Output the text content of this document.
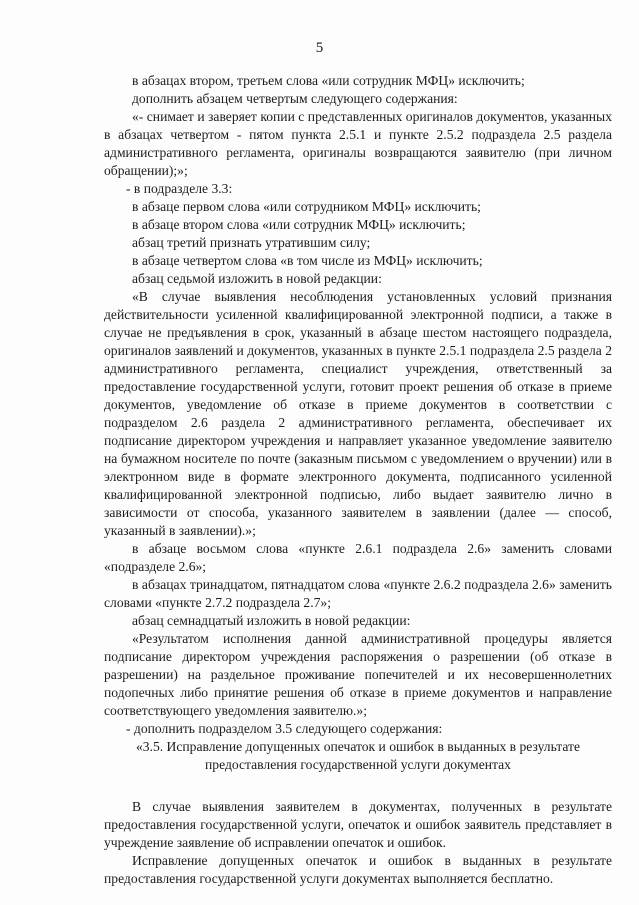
5

в абзацах втором, третьем слова «или сотрудник МФЦ» исключить;

дополнить абзацем четвертым следующего содержания:

«- снимает и заверяет копии с представленных оригиналов документов, указанных в абзацах четвертом - пятом пункта 2.5.1 и пункте 2.5.2 подраздела 2.5 раздела административного регламента, оригиналы возвращаются заявителю (при личном обращении);»;

- в подразделе 3.3:

в абзаце первом слова «или сотрудником МФЦ» исключить;

в абзаце втором слова «или сотрудник МФЦ» исключить;

абзац третий признать утратившим силу;

в абзаце четвертом слова «в том числе из МФЦ» исключить;

абзац седьмой изложить в новой редакции:

«В случае выявления несоблюдения установленных условий признания действительности усиленной квалифицированной электронной подписи, а также в случае не предъявления в срок, указанный в абзаце шестом настоящего подраздела, оригиналов заявлений и документов, указанных в пункте 2.5.1 подраздела 2.5 раздела 2 административного регламента, специалист учреждения, ответственный за предоставление государственной услуги, готовит проект решения об отказе в приеме документов, уведомление об отказе в приеме документов в соответствии с подразделом 2.6 раздела 2 административного регламента, обеспечивает их подписание директором учреждения и направляет указанное уведомление заявителю на бумажном носителе по почте (заказным письмом с уведомлением о вручении) или в электронном виде в формате электронного документа, подписанного усиленной квалифицированной электронной подписью, либо выдает заявителю лично в зависимости от способа, указанного заявителем в заявлении (далее — способ, указанный в заявлении).»;

в абзаце восьмом слова «пункте 2.6.1 подраздела 2.6» заменить словами «подразделе 2.6»;

в абзацах тринадцатом, пятнадцатом слова «пункте 2.6.2 подраздела 2.6» заменить словами «пункте 2.7.2 подраздела 2.7»;

абзац семнадцатый изложить в новой редакции:

«Результатом исполнения данной административной процедуры является подписание директором учреждения распоряжения о разрешении (об отказе в разрешении) на раздельное проживание попечителей и их несовершеннолетних подопечных либо принятие решения об отказе в приеме документов и направление соответствующего уведомления заявителю.»;

- дополнить подразделом 3.5 следующего содержания:

«3.5. Исправление допущенных опечаток и ошибок в выданных в результате предоставления государственной услуги документах

В случае выявления заявителем в документах, полученных в результате предоставления государственной услуги, опечаток и ошибок заявитель представляет в учреждение заявление об исправлении опечаток и ошибок.

Исправление допущенных опечаток и ошибок в выданных в результате предоставления государственной услуги документах выполняется бесплатно.
